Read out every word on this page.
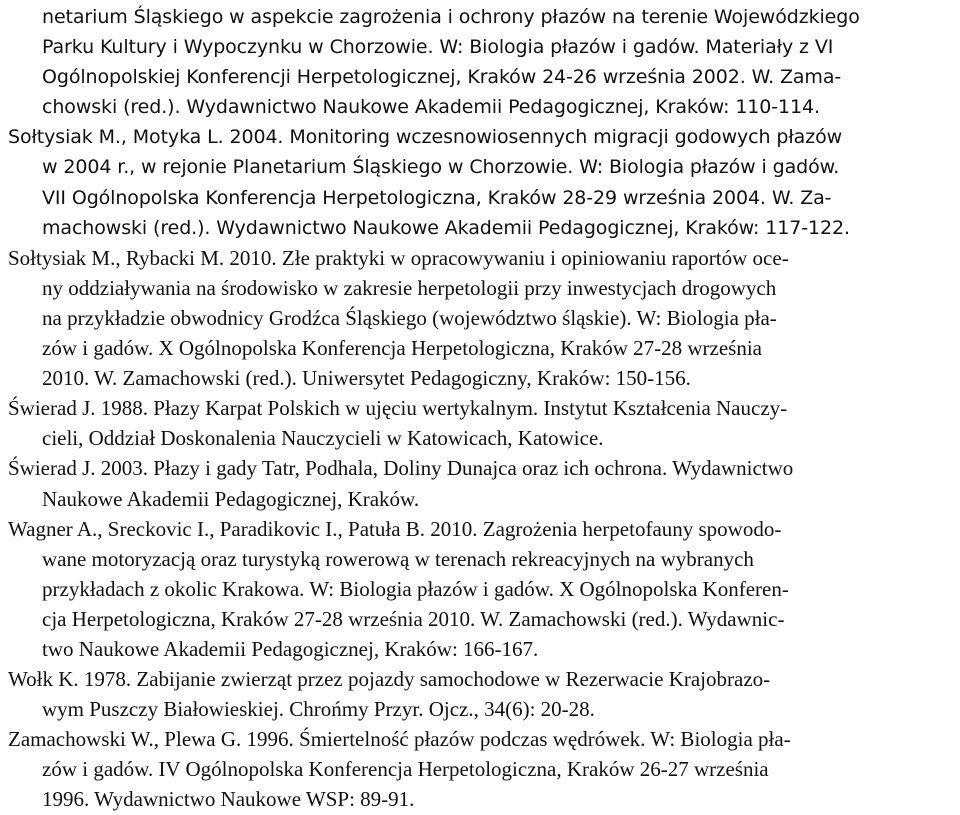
netarium Śląskiego w aspekcie zagrożenia i ochrony płazów na terenie Wojewódzkiego
Parku Kultury i Wypoczynku w Chorzowie. W: Biologia płazów i gadów. Materiały z VI
Ogólnopolskiej Konferencji Herpetologicznej, Kraków 24-26 września 2002. W. Zama-
chowski (red.). Wydawnictwo Naukowe Akademii Pedagogicznej, Kraków: 110-114.
Sołtysiak M., Motyka L. 2004. Monitoring wczesnowiosennych migracji godowych płazów
w 2004 r., w rejonie Planetarium Śląskiego w Chorzowie. W: Biologia płazów i gadów.
VII Ogólnopolska Konferencja Herpetologiczna, Kraków 28-29 września 2004. W. Za-
machowski (red.). Wydawnictwo Naukowe Akademii Pedagogicznej, Kraków: 117-122.
Sołtysiak M., Rybacki M. 2010. Złe praktyki w opracowywaniu i opiniowaniu raportów oce-
ny oddziaływania na środowisko w zakresie herpetologii przy inwestycjach drogowych
na przykładzie obwodnicy Grodźca Śląskiego (województwo śląskie). W: Biologia pła-
zów i gadów. X Ogólnopolska Konferencja Herpetologiczna, Kraków 27-28 września
2010. W. Zamachowski (red.). Uniwersytet Pedagogiczny, Kraków: 150-156.
Świerad J. 1988. Płazy Karpat Polskich w ujęciu wertykalnym. Instytut Kształcenia Nauczy-
cieli, Oddział Doskonalenia Nauczycieli w Katowicach, Katowice.
Świerad J. 2003. Płazy i gady Tatr, Podhala, Doliny Dunajca oraz ich ochrona. Wydawnictwo
Naukowe Akademii Pedagogicznej, Kraków.
Wagner A., Sreckovic I., Paradikovic I., Patuła B. 2010. Zagrożenia herpetofauny spowodo-
wane motoryzacją oraz turystyką rowerową w terenach rekreacyjnych na wybranych
przykładach z okolic Krakowa. W: Biologia płazów i gadów. X Ogólnopolska Konferen-
cja Herpetologiczna, Kraków 27-28 września 2010. W. Zamachowski (red.). Wydawnic-
two Naukowe Akademii Pedagogicznej, Kraków: 166-167.
Wołk K. 1978. Zabijanie zwierząt przez pojazdy samochodowe w Rezerwacie Krajobrazo-
wym Puszczy Białowieskiej. Chrońmy Przyr. Ojcz., 34(6): 20-28.
Zamachowski W., Plewa G. 1996. Śmiertelność płazów podczas wędrówek. W: Biologia pła-
zów i gadów. IV Ogólnopolska Konferencja Herpetologiczna, Kraków 26-27 września
1996. Wydawnictwo Naukowe WSP: 89-91.
